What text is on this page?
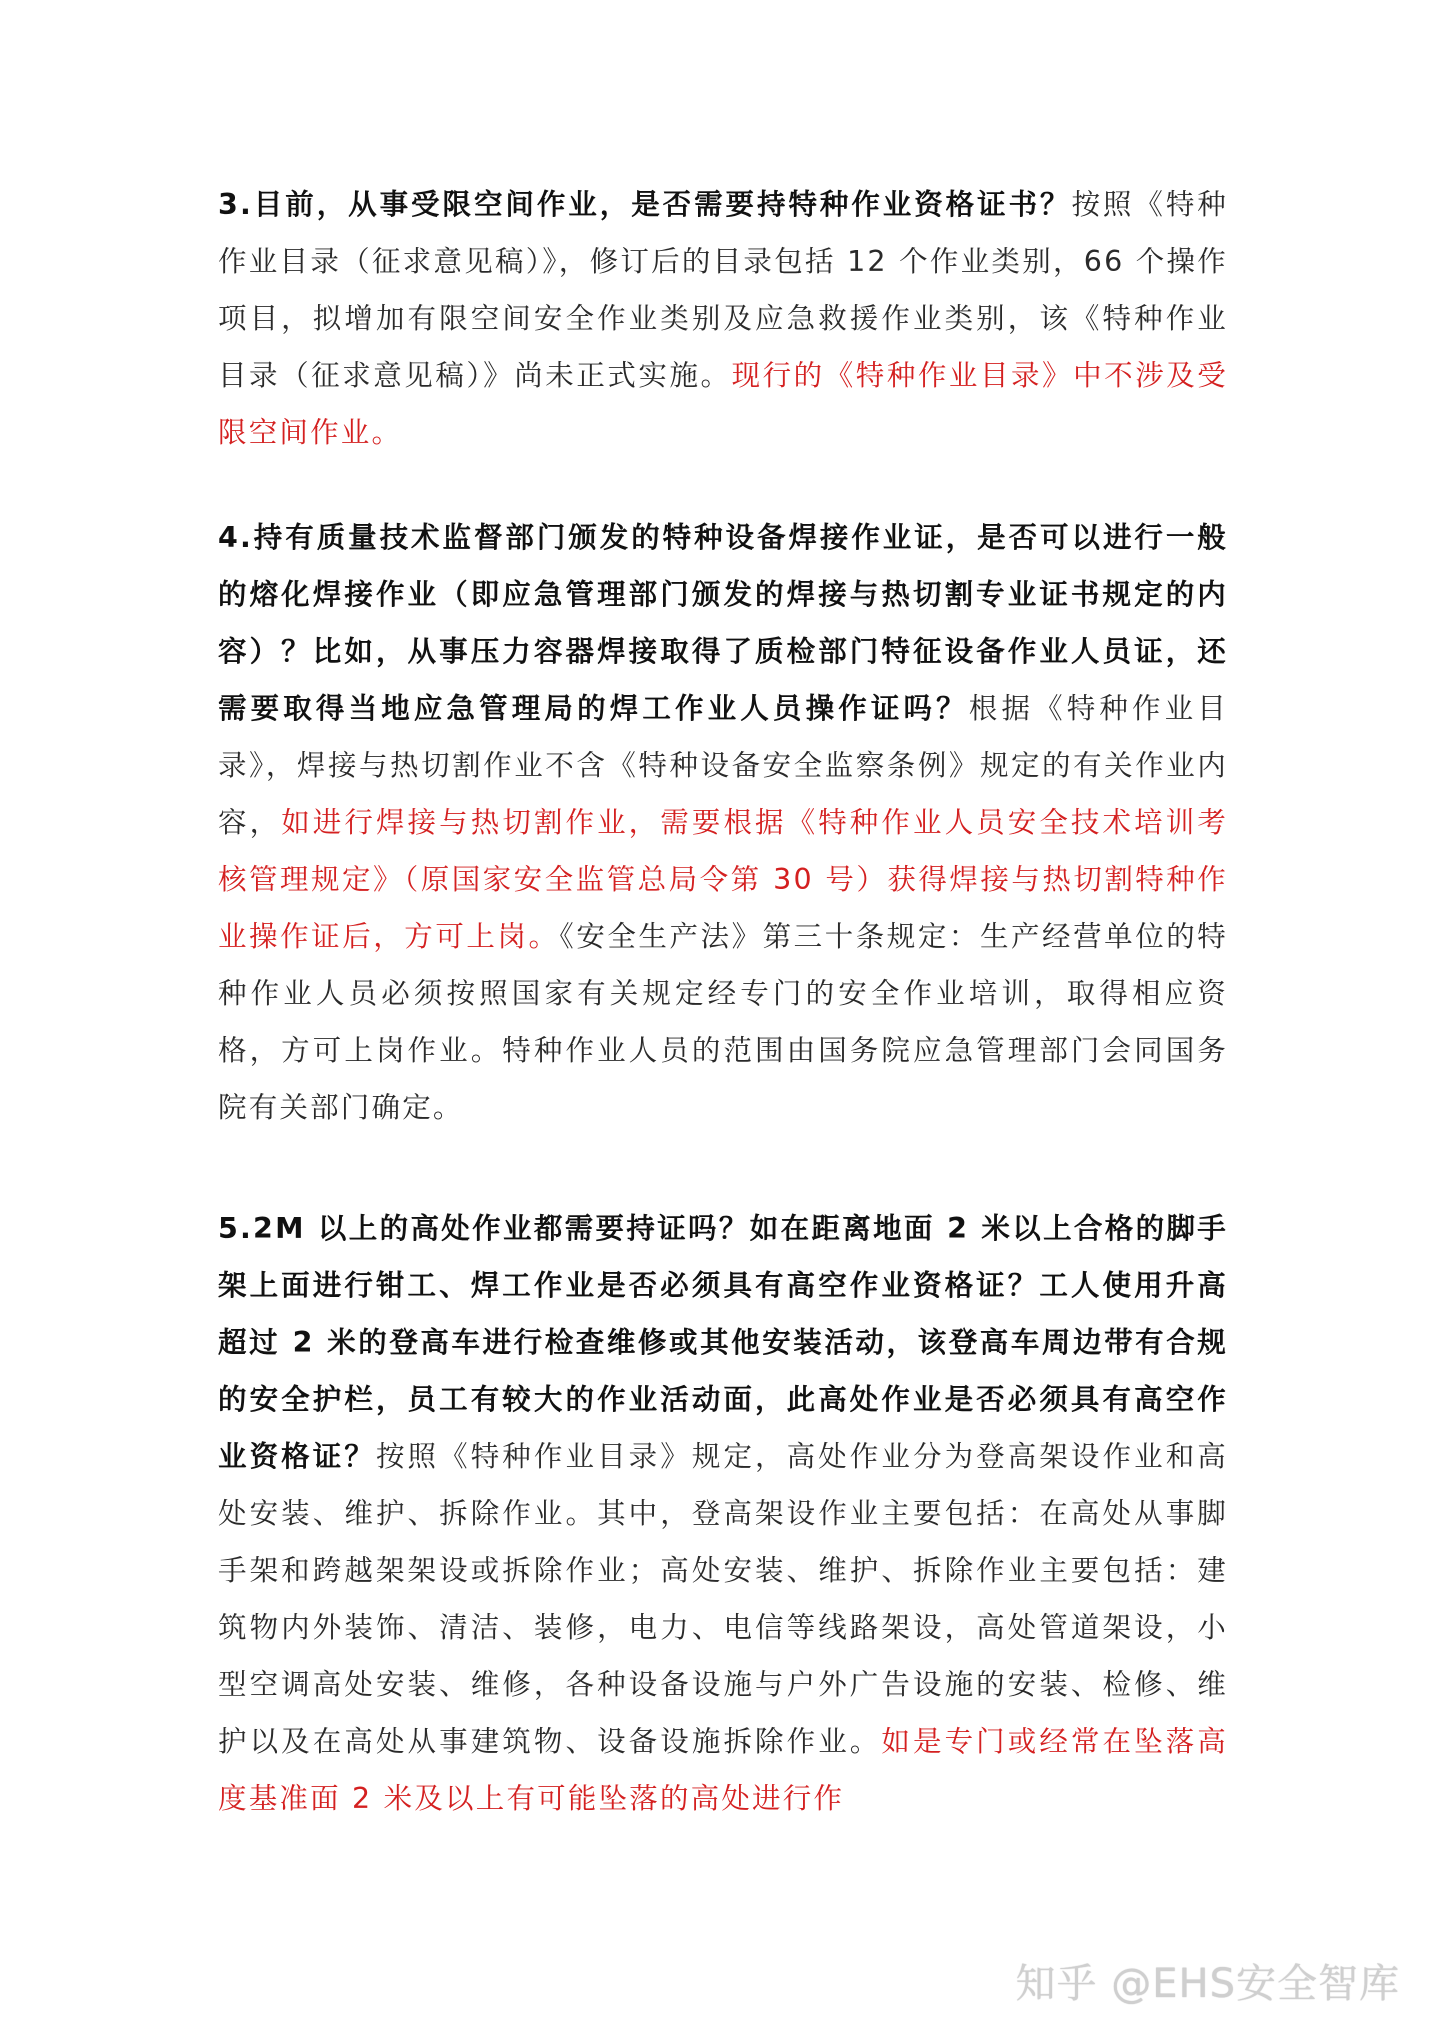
3.目前，从事受限空间作业，是否需要持特种作业资格证书？按照《特种作业目录（征求意见稿）》，修订后的目录包括 12 个作业类别，66 个操作项目，拟增加有限空间安全作业类别及应急救援作业类别，该《特种作业目录（征求意见稿）》尚未正式实施。现行的《特种作业目录》中不涉及受限空间作业。

4.持有质量技术监督部门颁发的特种设备焊接作业证，是否可以进行一般的熔化焊接作业（即应急管理部门颁发的焊接与热切割专业证书规定的内容）？比如，从事压力容器焊接取得了质检部门特征设备作业人员证，还需要取得当地应急管理局的焊工作业人员操作证吗？根据《特种作业目录》，焊接与热切割作业不含《特种设备安全监察条例》规定的有关作业内容，如进行焊接与热切割作业，需要根据《特种作业人员安全技术培训考核管理规定》（原国家安全监管总局令第 30 号）获得焊接与热切割特种作业操作证后，方可上岗。《安全生产法》第三十条规定：生产经营单位的特种作业人员必须按照国家有关规定经专门的安全作业培训，取得相应资格，方可上岗作业。特种作业人员的范围由国务院应急管理部门会同国务院有关部门确定。

5.2M 以上的高处作业都需要持证吗？如在距离地面 2 米以上合格的脚手架上面进行钳工、焊工作业是否必须具有高空作业资格证？工人使用升高超过 2 米的登高车进行检查维修或其他安装活动，该登高车周边带有合规的安全护栏，员工有较大的作业活动面，此高处作业是否必须具有高空作业资格证？按照《特种作业目录》规定，高处作业分为登高架设作业和高处安装、维护、拆除作业。其中，登高架设作业主要包括：在高处从事脚手架和跨越架架设或拆除作业；高处安装、维护、拆除作业主要包括：建筑物内外装饰、清洁、装修，电力、电信等线路架设，高处管道架设，小型空调高处安装、维修，各种设备设施与户外广告设施的安装、检修、维护以及在高处从事建筑物、设备设施拆除作业。如是专门或经常在坠落高度基准面 2 米及以上有可能坠落的高处进行作

知乎 @EHS安全智库
